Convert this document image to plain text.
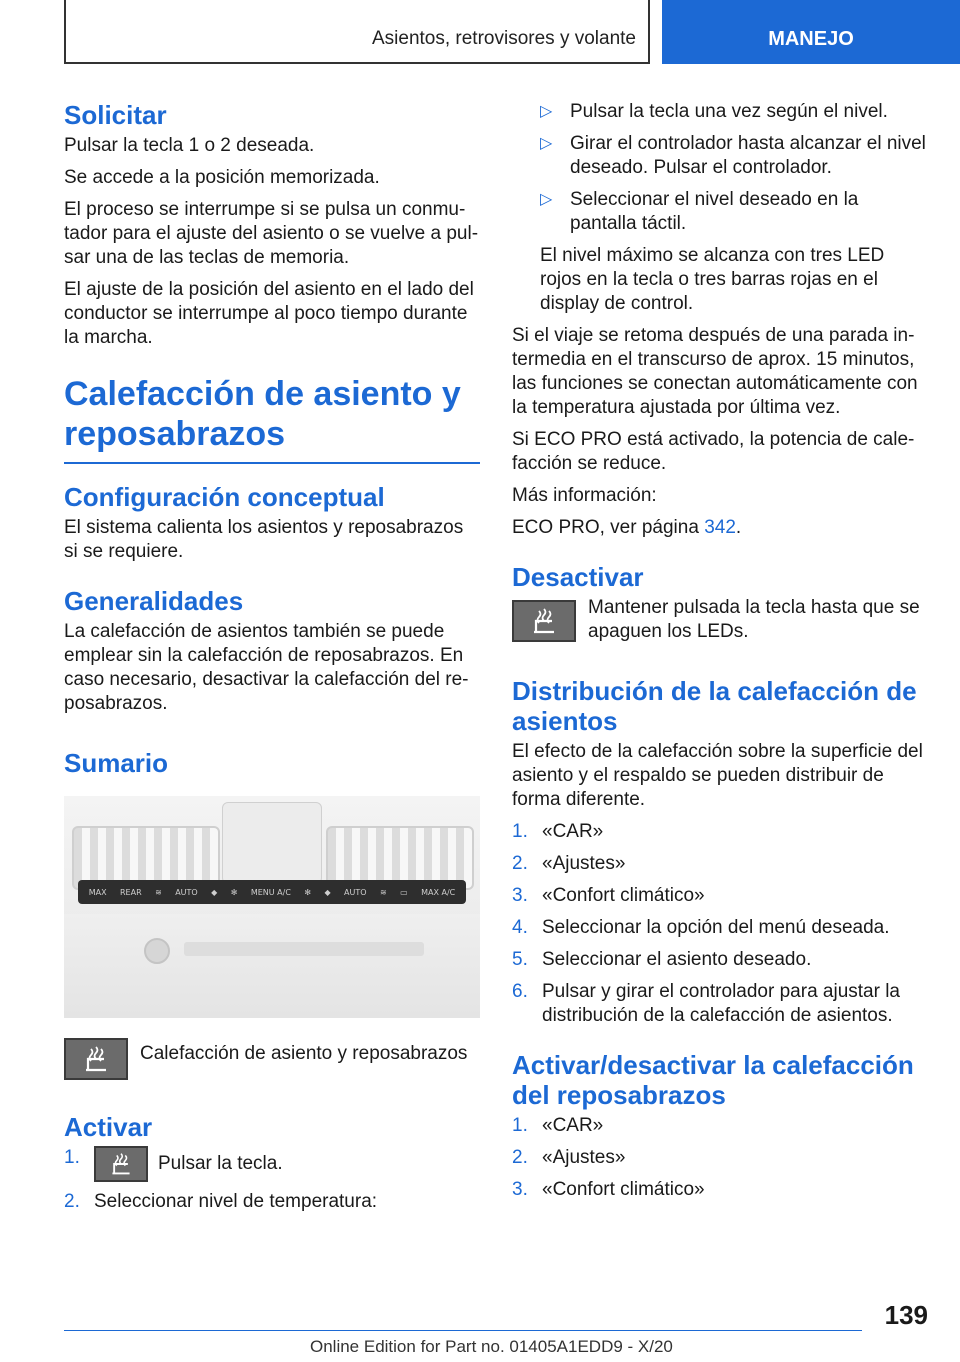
Asientos, retrovisores y volante	MANEJO
Solicitar

Pulsar la tecla 1 o 2 deseada.

Se accede a la posición memorizada.

El proceso se interrumpe si se pulsa un conmu‐ tador para el ajuste del asiento o se vuelve a pul‐ sar una de las teclas de memoria.

El ajuste de la posición del asiento en el lado del conductor se interrumpe al poco tiempo durante la marcha.

Calefacción de asiento y reposabrazos
Configuración conceptual

El sistema calienta los asientos y reposabrazos si se requiere.

Generalidades

La calefacción de asientos también se puede emplear sin la calefacción de reposabrazos. En caso necesario, desactivar la calefacción del re‐ posabrazos.

Sumario
MAX REAR ≋ AUTO ◆ ✻ MENU A/C ✻ ◆ AUTO ≋ ▭ MAX A/C
Calefacción de asiento y reposabrazos
Activar
1.	Pulsar la tecla.
2. Seleccionar nivel de temperatura:
▷ Pulsar la tecla una vez según el nivel.
▷ Girar el controlador hasta alcanzar el nivel deseado. Pulsar el controlador.
▷ Seleccionar el nivel deseado en la pantalla táctil.

El nivel máximo se alcanza con tres LED rojos en la tecla o tres barras rojas en el display de control.

Si el viaje se retoma después de una parada in‐ termedia en el transcurso de aprox. 15 minutos, las funciones se conectan automáticamente con la temperatura ajustada por última vez.

Si ECO PRO está activado, la potencia de cale‐ facción se reduce.

Más información:

ECO PRO, ver página 342.

Desactivar
Mantener pulsada la tecla hasta que se apaguen los LEDs.
Distribución de la calefacción de asientos

El efecto de la calefacción sobre la superficie del asiento y el respaldo se pueden distribuir de forma diferente.

1. «CAR»
2. «Ajustes»
3. «Confort climático»
4. Seleccionar la opción del menú deseada.
5. Seleccionar el asiento deseado.
6. Pulsar y girar el controlador para ajustar la distribución de la calefacción de asientos.
Activar/desactivar la calefacción del reposabrazos
1. «CAR»
2. «Ajustes»
3. «Confort climático»
139
Online Edition for Part no. 01405A1EDD9 - X/20
